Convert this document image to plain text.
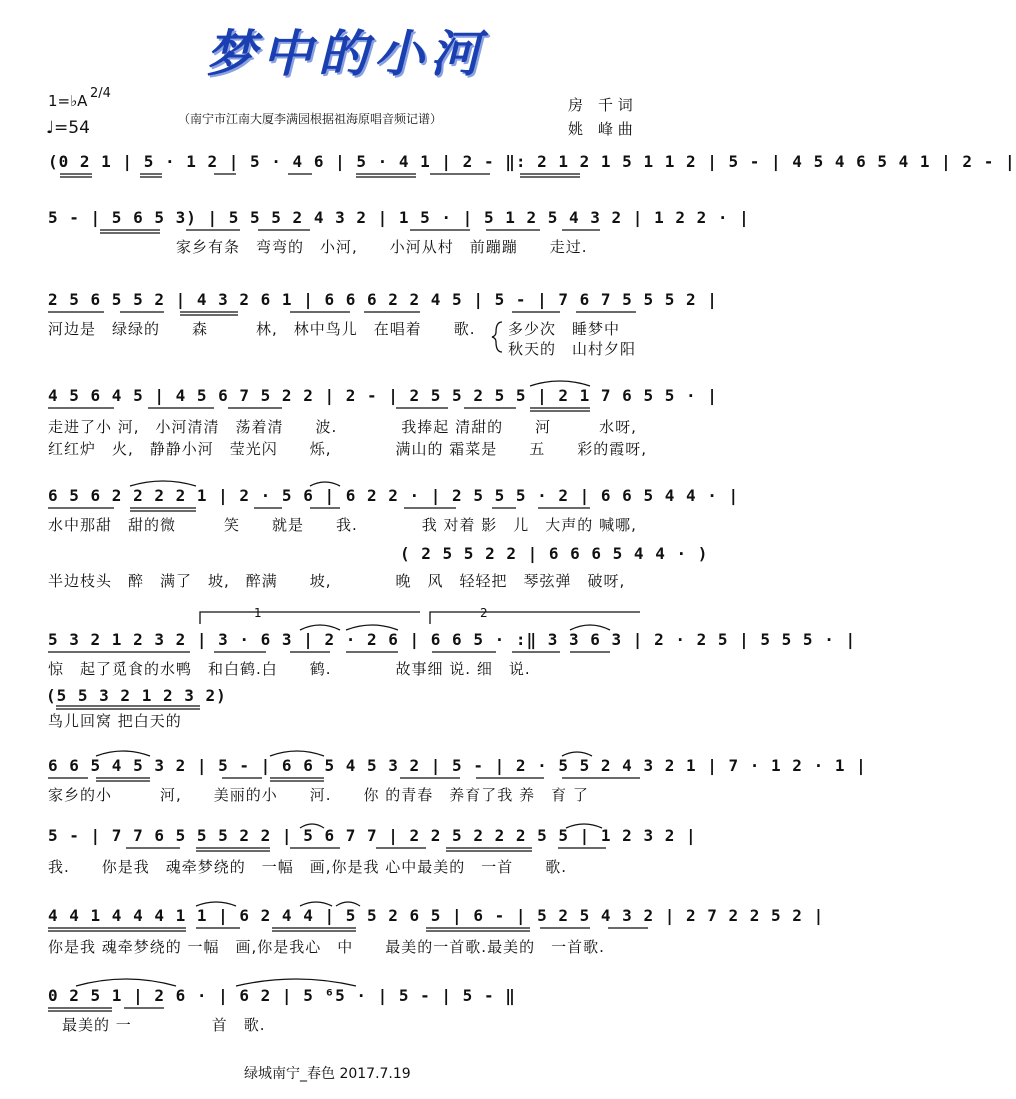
梦中的小河
1=♭A 2/4
♩=54	（南宁市江南大厦李满园根据祖海原唱音频记谱）
房　千 词
姚　峰 曲
(0 2 1 | 5 · 1 2 | 5 · 4 6 | 5 · 4 1 | 2 - ‖: 2 1 2 1 5 1 1 2 | 5 - | 4 5 4 6 5 4 1 | 2 - |
5 - | 5 6 5 3) | 5 5 5 2 4 3 2 | 1 5 · | 5 1 2 5 4 3 2 | 1 2 2 · |
家乡有条　弯弯的　小河,　　小河从村　前蹦蹦　　走过.
2 5 6 5 5 2 | 4 3 2 6 1 | 6 6 6 2 2 4 5 | 5 - | 7 6 7 5 5 5 2 |
河边是　绿绿的　　森　　　林,　林中鸟儿　在唱着　　歌. 多少次　睡梦中
秋天的　山村夕阳
4 5 6 4 5 | 4 5 6 7 5 2 2 | 2 - | 2 5 5 2 5 5 | 2 1 7 6 5 5 · |
走进了小 河,　小河清清　荡着清　　波.　　　　我捧起 清甜的　　河　　　水呀,
红红炉　火,　静静小河　莹光闪　　烁,　　　　满山的 霜菜是　　五　　彩的霞呀,
6 5 6 2 2 2 2 1 | 2 · 5 6 | 6 2 2 · | 2 5 5 5 · 2 | 6 6 5 4 4 · |
水中那甜　甜的微　　　笑　　就是　　我.　　　　我 对着 影　儿　大声的 喊哪,
( 2 5 5 2 2 | 6 6 6 5 4 4 · )
半边枝头　醉　满了　坡,　醉满　　坡,　　　　晚　风　轻轻把　琴弦弹　破呀,
1	2
5 3 2 1 2 3 2 | 3 · 6 3 | 2 · 2 6 | 6 6 5 · :‖ 3 3 6 3 | 2 · 2 5 | 5 5 5 · |
惊　起了觅食的水鸭　和白鹤.白　　鹤.　　　　故事细 说. 细　说.
(5 5 3 2 1 2 3 2)
鸟儿回窝 把白天的
6 6 5 4 5 3 2 | 5 - | 6 6 5 4 5 3 2 | 5 - | 2 · 5 5 2 4 3 2 1 | 7 · 1 2 · 1 |
家乡的小　　　河,　　美丽的小　　河.　　你 的青春　养育了我 养　育 了
5 - | 7 7 6 5 5 5 2 2 | 5 6 7 7 | 2 2 5 2 2 2 5 5 | 1 2 3 2 |
我.　　你是我　魂牵梦绕的　一幅　画,你是我 心中最美的　一首　　歌.
4 4 1 4 4 4 1 1 | 6 2 4 4 | 5 5 2 6 5 | 6 - | 5 2 5 4 3 2 | 2 7 2 2 5 2 |
你是我 魂牵梦绕的 一幅　画,你是我心　中　　最美的一首歌.最美的　一首歌.
0 2 5 1 | 2 6 · | 6 2 | 5 ⁶5 · | 5 - | 5 - ‖
最美的 一　　　　　首　歌.
绿城南宁_春色 2017.7.19
